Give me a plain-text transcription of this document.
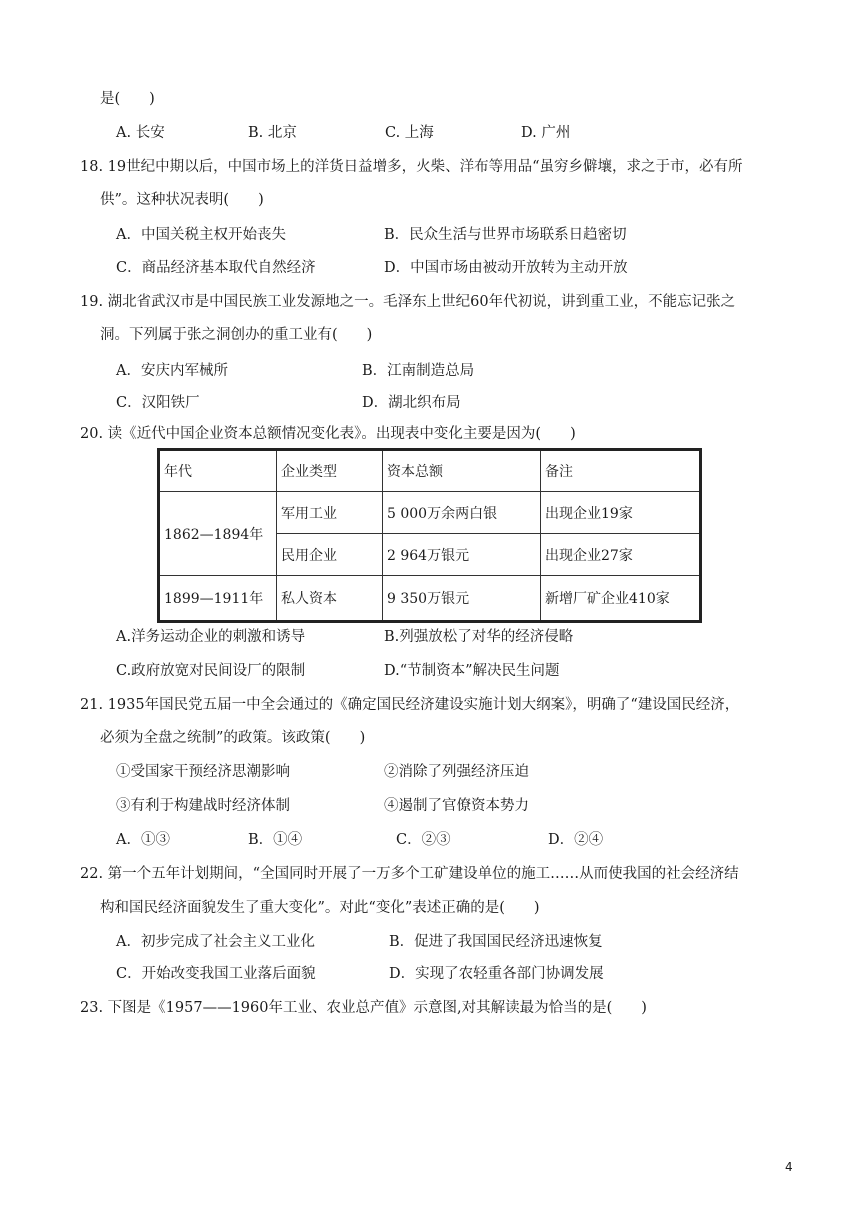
是(　　)
A. 长安	B. 北京	C. 上海	D. 广州
18. 19世纪中期以后，中国市场上的洋货日益增多，火柴、洋布等用品“虽穷乡僻壤，求之于市，必有所
供”。这种状况表明(　　)
A．中国关税主权开始丧失	B．民众生活与世界市场联系日趋密切
C．商品经济基本取代自然经济	D．中国市场由被动开放转为主动开放
19. 湖北省武汉市是中国民族工业发源地之一。毛泽东上世纪60年代初说，讲到重工业，不能忘记张之
洞。下列属于张之洞创办的重工业有(　　)
A．安庆内军械所	B．江南制造总局
C．汉阳铁厂	D．湖北织布局
20. 读《近代中国企业资本总额情况变化表》。出现表中变化主要是因为(　　)
年代	企业类型	资本总额	备注
1862—1894年	军用工业	5 000万余两白银	出现企业19家
	民用企业	2 964万银元	出现企业27家
1899—1911年	私人资本	9 350万银元	新增厂矿企业410家
A.洋务运动企业的刺激和诱导	B.列强放松了对华的经济侵略
C.政府放宽对民间设厂的限制	D.“节制资本”解决民生问题
21. 1935年国民党五届一中全会通过的《确定国民经济建设实施计划大纲案》，明确了“建设国民经济，
必须为全盘之统制”的政策。该政策(　　)
①受国家干预经济思潮影响	②消除了列强经济压迫
③有利于构建战时经济体制	④遏制了官僚资本势力
A．①③	B．①④	C．②③	D．②④
22. 第一个五年计划期间，“全国同时开展了一万多个工矿建设单位的施工……从而使我国的社会经济结
构和国民经济面貌发生了重大变化”。对此“变化”表述正确的是(　　)
A．初步完成了社会主义工业化	B．促进了我国国民经济迅速恢复
C．开始改变我国工业落后面貌	D．实现了农轻重各部门协调发展
23. 下图是《1957——1960年工业、农业总产值》示意图,对其解读最为恰当的是(　　)
4
